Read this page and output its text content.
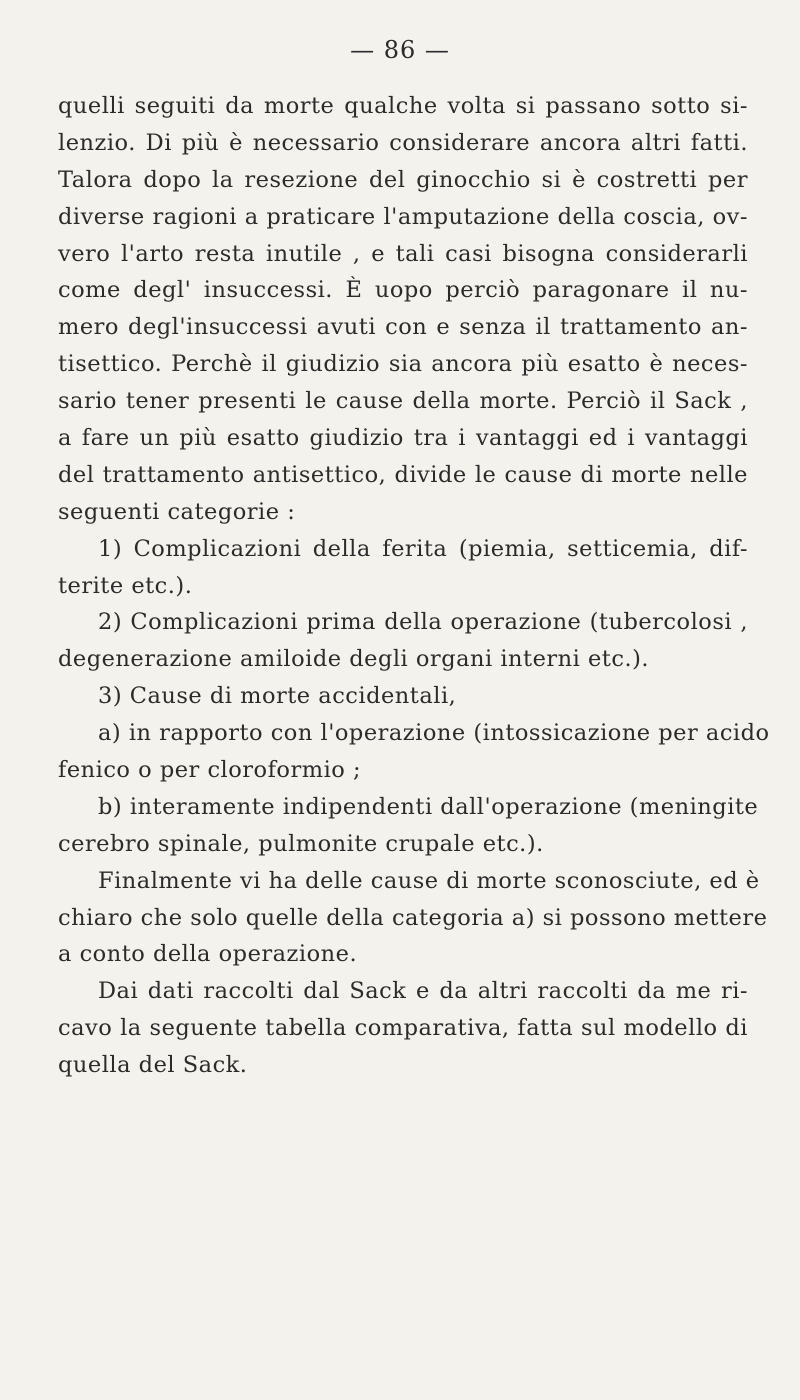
— 86 —
quelli seguiti da morte qualche volta si passano sotto si-
lenzio. Di più è necessario considerare ancora altri fatti.
Talora dopo la resezione del ginocchio si è costretti per
diverse ragioni a praticare l'amputazione della coscia, ov-
vero l'arto resta inutile , e tali casi bisogna considerarli
come degl' insuccessi. È uopo perciò paragonare il nu-
mero degl'insuccessi avuti con e senza il trattamento an-
tisettico. Perchè il giudizio sia ancora più esatto è neces-
sario tener presenti le cause della morte. Perciò il Sack ,
a fare un più esatto giudizio tra i vantaggi ed i vantaggi
del trattamento antisettico, divide le cause di morte nelle
seguenti categorie :
1) Complicazioni della ferita (piemia, setticemia, dif-
terite etc.).
2) Complicazioni prima della operazione (tubercolosi ,
degenerazione amiloide degli organi interni etc.).
3) Cause di morte accidentali,
a) in rapporto con l'operazione (intossicazione per acido
fenico o per cloroformio ;
b) interamente indipendenti dall'operazione (meningite
cerebro spinale, pulmonite crupale etc.).
Finalmente vi ha delle cause di morte sconosciute, ed è
chiaro che solo quelle della categoria a) si possono mettere
a conto della operazione.
Dai dati raccolti dal Sack e da altri raccolti da me ri-
cavo la seguente tabella comparativa, fatta sul modello di
quella del Sack.
